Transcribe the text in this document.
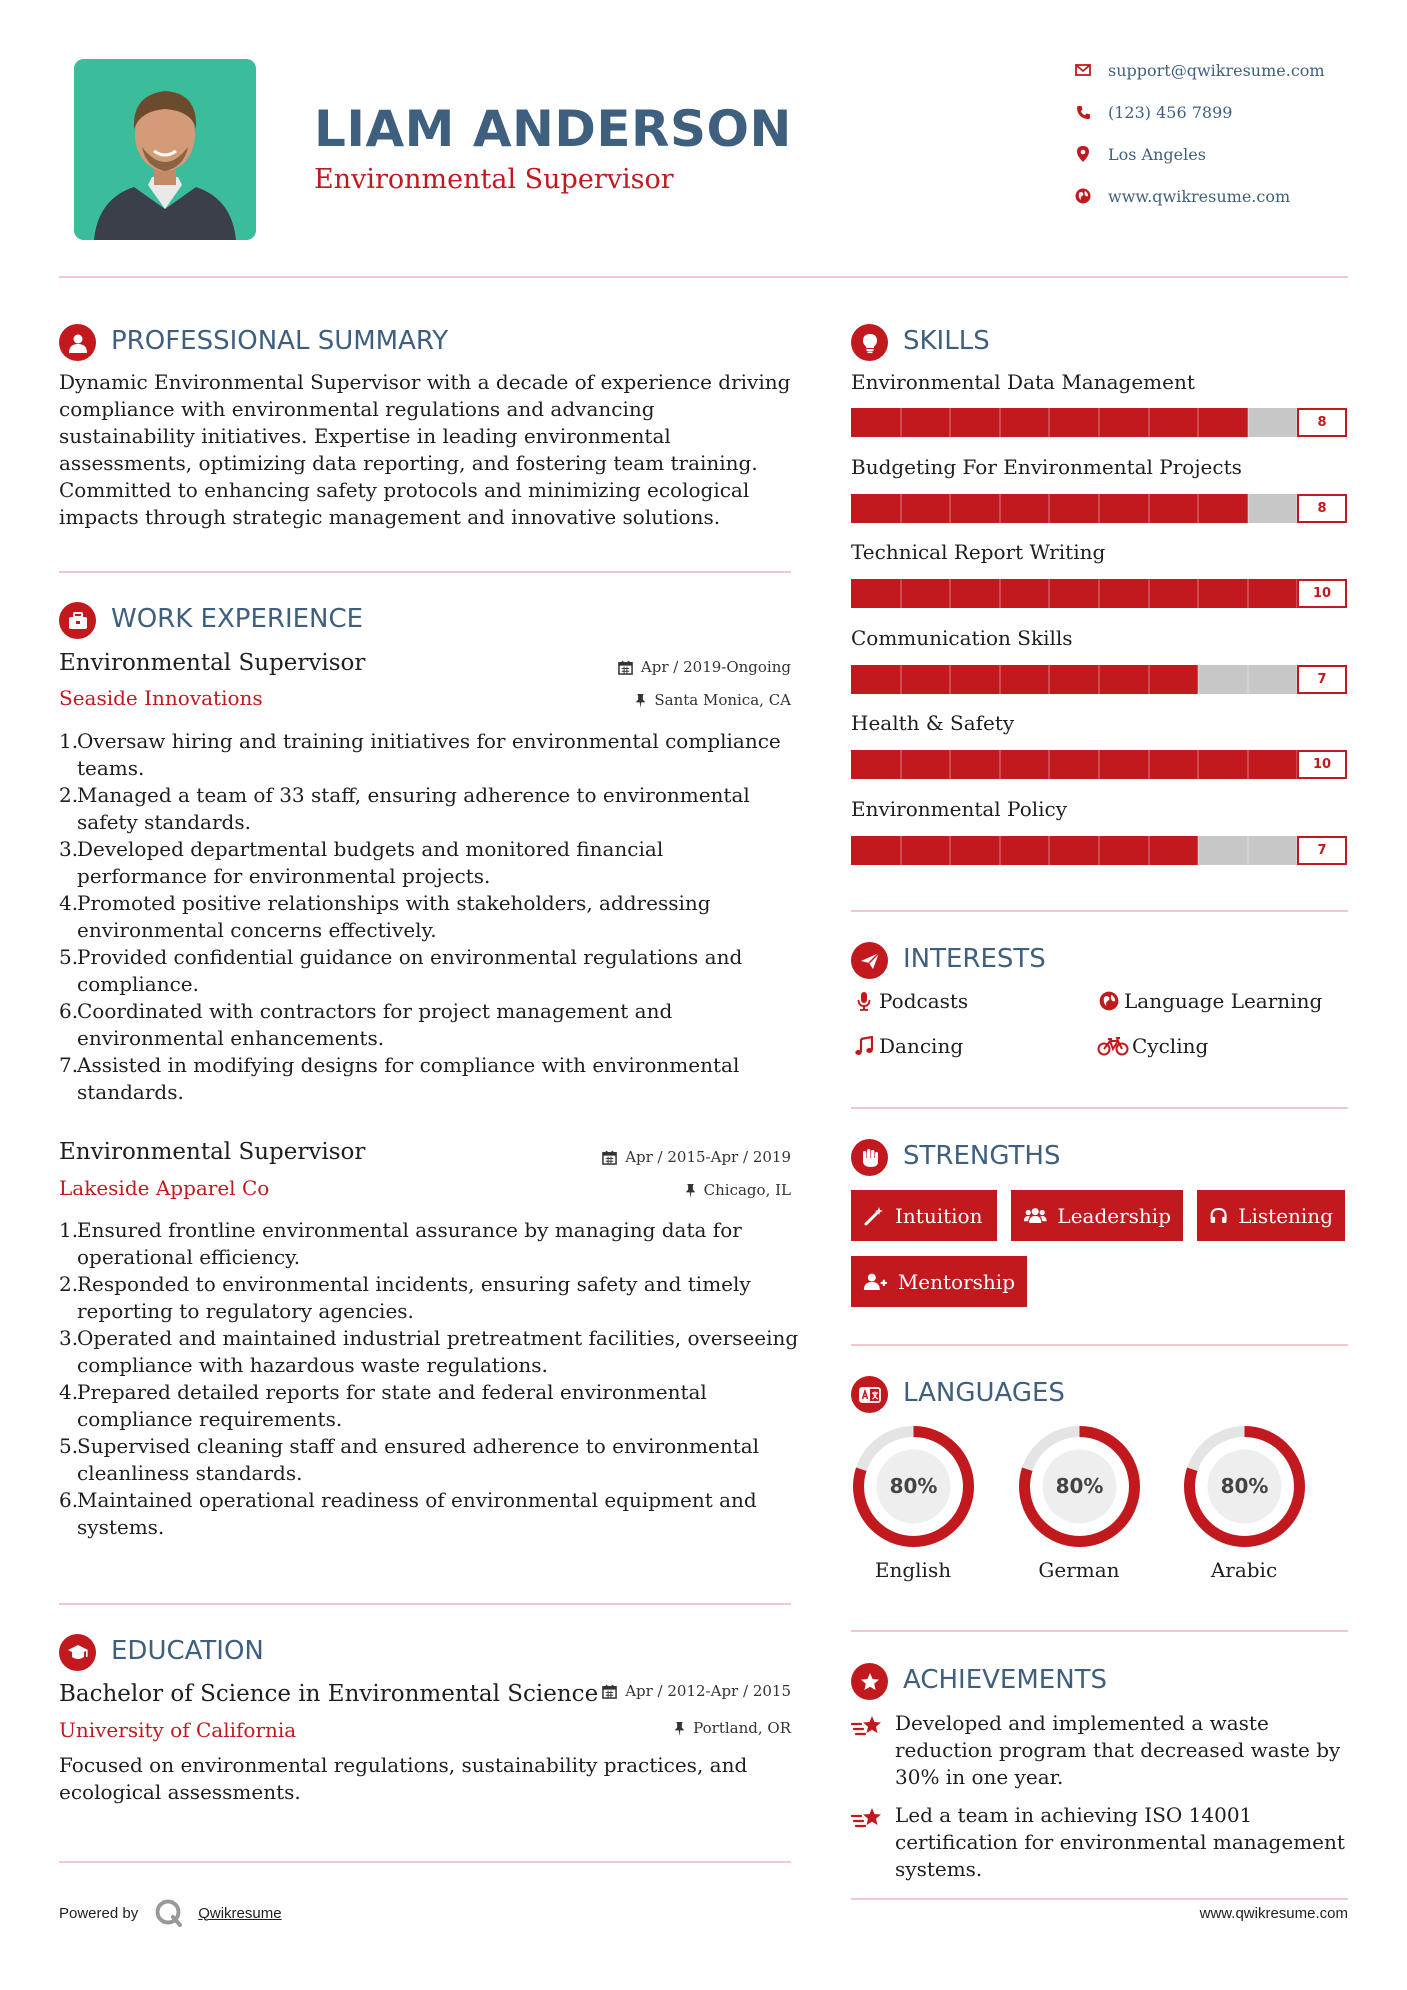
LIAM ANDERSON
Environmental Supervisor
support@qwikresume.com
(123) 456 7899
Los Angeles
www.qwikresume.com
PROFESSIONAL SUMMARY
Dynamic Environmental Supervisor with a decade of experience driving compliance with environmental regulations and advancing sustainability initiatives. Expertise in leading environmental assessments, optimizing data reporting, and fostering team training. Committed to enhancing safety protocols and minimizing ecological impacts through strategic management and innovative solutions.
WORK EXPERIENCE
Environmental Supervisor	Apr / 2019-Ongoing
Seaside Innovations	Santa Monica, CA
1.
Oversaw hiring and training initiatives for environmental compliance teams.
2.
Managed a team of 33 staff, ensuring adherence to environmental safety standards.
3.
Developed departmental budgets and monitored financial performance for environmental projects.
4.
Promoted positive relationships with stakeholders, addressing environmental concerns effectively.
5.
Provided confidential guidance on environmental regulations and compliance.
6.
Coordinated with contractors for project management and environmental enhancements.
7.
Assisted in modifying designs for compliance with environmental standards.
Environmental Supervisor	Apr / 2015-Apr / 2019
Lakeside Apparel Co	Chicago, IL
1.
Ensured frontline environmental assurance by managing data for operational efficiency.
2.
Responded to environmental incidents, ensuring safety and timely reporting to regulatory agencies.
3.
Operated and maintained industrial pretreatment facilities, overseeing compliance with hazardous waste regulations.
4.
Prepared detailed reports for state and federal environmental compliance requirements.
5.
Supervised cleaning staff and ensured adherence to environmental cleanliness standards.
6.
Maintained operational readiness of environmental equipment and systems.
EDUCATION
Bachelor of Science in Environmental Science Apr / 2012-Apr / 2015
University of California	Portland, OR
Focused on environmental regulations, sustainability practices, and ecological assessments.
SKILLS
Environmental Data Management
8
Budgeting For Environmental Projects
8
Technical Report Writing
10
Communication Skills
7
Health & Safety
10
Environmental Policy
7
INTERESTS
Podcasts	Language Learning
Dancing	Cycling
STRENGTHS
Intuition	Leadership	Listening
Mentorship
LANGUAGES
80%
English
80%
German
80%
Arabic
ACHIEVEMENTS
Developed and implemented a waste reduction program that decreased waste by 30% in one year.
Led a team in achieving ISO 14001 certification for environmental management systems.
Powered by	Qwikresume	www.qwikresume.com
